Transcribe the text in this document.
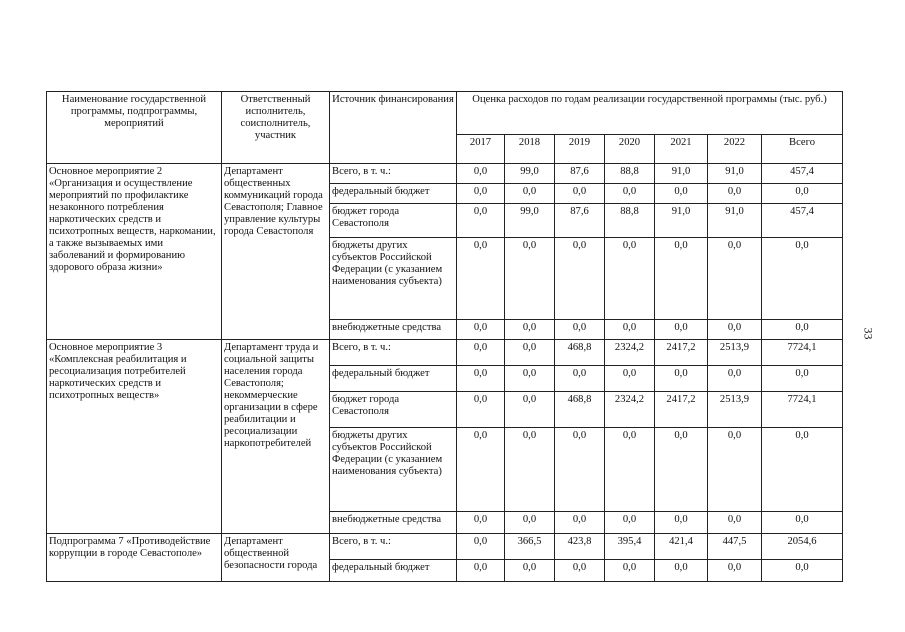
Наименование государственной программы, подпрограммы, мероприятий	Ответственный исполнитель, соисполнитель, участник	Источник финансирования	Оценка расходов по годам реализации государственной программы (тыс. руб.)						
			2017	2018	2019	2020	2021	2022	Всего
Основное мероприятие 2 «Организация и осуществление мероприятий по профилактике незаконного потребления наркотических средств и психотропных веществ, наркомании, а также вызываемых ими заболеваний и формированию здорового образа жизни»	Департамент общественных коммуникаций города Севастополя; Главное управление культуры города Севастополя	Всего, в т. ч.:	0,0	99,0	87,6	88,8	91,0	91,0	457,4
		федеральный бюджет	0,0	0,0	0,0	0,0	0,0	0,0	0,0
		бюджет города Севастополя	0,0	99,0	87,6	88,8	91,0	91,0	457,4
		бюджеты других субъектов Российской Федерации (с указанием наименования субъекта)	0,0	0,0	0,0	0,0	0,0	0,0	0,0
		внебюджетные средства	0,0	0,0	0,0	0,0	0,0	0,0	0,0
Основное мероприятие 3 «Комплексная реабилитация и ресоциализация потребителей наркотических средств и психотропных веществ»	Департамент труда и социальной защиты населения города Севастополя; некоммерческие организации в сфере реабилитации и ресоциализации наркопотребителей	Всего, в т. ч.:	0,0	0,0	468,8	2324,2	2417,2	2513,9	7724,1
		федеральный бюджет	0,0	0,0	0,0	0,0	0,0	0,0	0,0
		бюджет города Севастополя	0,0	0,0	468,8	2324,2	2417,2	2513,9	7724,1
		бюджеты других субъектов Российской Федерации (с указанием наименования субъекта)	0,0	0,0	0,0	0,0	0,0	0,0	0,0
		внебюджетные средства	0,0	0,0	0,0	0,0	0,0	0,0	0,0
Подпрограмма 7 «Противодействие коррупции в городе Севастополе»	Департамент общественной безопасности города	Всего, в т. ч.:	0,0	366,5	423,8	395,4	421,4	447,5	2054,6
		федеральный бюджет	0,0	0,0	0,0	0,0	0,0	0,0	0,0
33
